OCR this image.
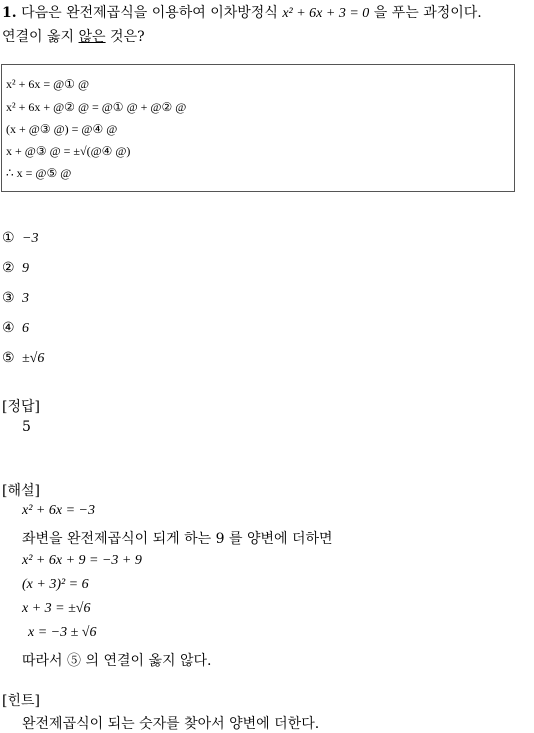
1. 다음은 완전제곱식을 이용하여 이차방정식 x² + 6x + 3 = 0 을 푸는 과정이다.
연결이 옳지 않은 것은?
x² + 6x = @① @
x² + 6x + @② @ = @① @ + @② @
(x + @③ @) = @④ @
x + @③ @ = ±√(@④ @)
∴ x = @⑤ @
① −3
② 9
③ 3
④ 6
⑤ ±√6
[정답]
5
[해설]
x² + 6x = −3
좌변을 완전제곱식이 되게 하는 9 를 양변에 더하면
x² + 6x + 9 = −3 + 9
(x + 3)² = 6
x + 3 = ±√6
x = −3 ± √6
따라서 ⑤ 의 연결이 옳지 않다.
[힌트]
완전제곱식이 되는 숫자를 찾아서 양변에 더한다.
